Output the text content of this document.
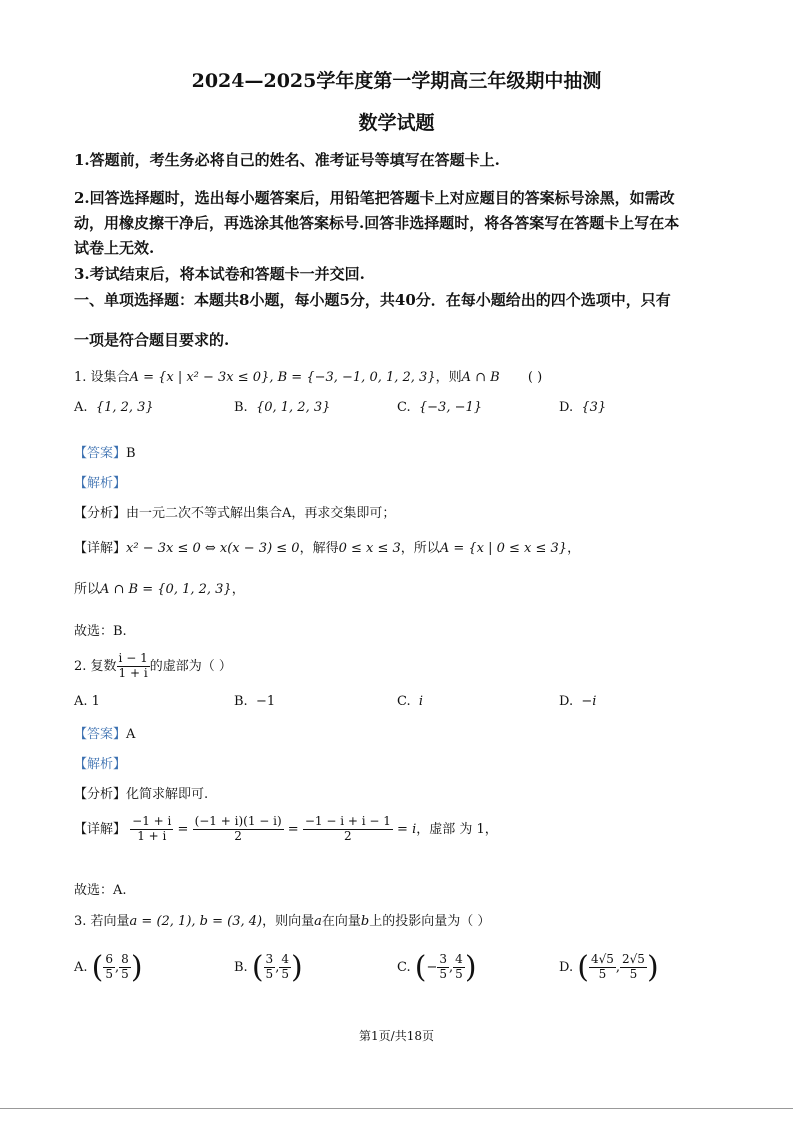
2024—2025学年度第一学期高三年级期中抽测
数学试题
1.答题前，考生务必将自己的姓名、准考证号等填写在答题卡上.
2.回答选择题时，选出每小题答案后，用铅笔把答题卡上对应题目的答案标号涂黑，如需改
动，用橡皮擦干净后，再选涂其他答案标号.回答非选择题时，将各答案写在答题卡上写在本
试卷上无效.
3.考试结束后，将本试卷和答题卡一并交回.
一、单项选择题：本题共8小题，每小题5分，共40分．在每小题给出的四个选项中，只有
一项是符合题目要求的.
1. 设集合A = {x | x² − 3x ≤ 0}, B = {−3, −1, 0, 1, 2, 3}，则A ∩ B ( )
A. {1, 2, 3}	B. {0, 1, 2, 3}	C. {−3, −1}	D. {3}
【答案】B
【解析】
【分析】由一元二次不等式解出集合A，再求交集即可；
【详解】x² − 3x ≤ 0 ⇔ x(x − 3) ≤ 0，解得0 ≤ x ≤ 3，所以A = {x | 0 ≤ x ≤ 3}，
所以A ∩ B = {0, 1, 2, 3}，
故选：B.
2. 复数 $\frac{i - 1}{1 + i}$ 的虚部为（ ）
A. 1	B. −1	C. i	D. −i
【答案】A
【解析】
【分析】化简求解即可.
【详解】 $\frac{-1 + i}{1 + i} = \frac{(-1 + i)(1 - i)}{2} = \frac{-1 - i + i - 1}{2} = i$，虚部 为 1，
故选：A.
3. 若向量a = (2, 1), b = (3, 4)，则向量a在向量b上的投影向量为（ ）
A. ( $\frac{6}{5}$ , $\frac{8}{5}$ )	B. ( $\frac{3}{5}$ , $\frac{4}{5}$ )	C. (− $\frac{3}{5}$ , $\frac{4}{5}$ )	D. ( $\frac{4√5}{5}$ , $\frac{2√5}{5}$ )
第1页/共18页
